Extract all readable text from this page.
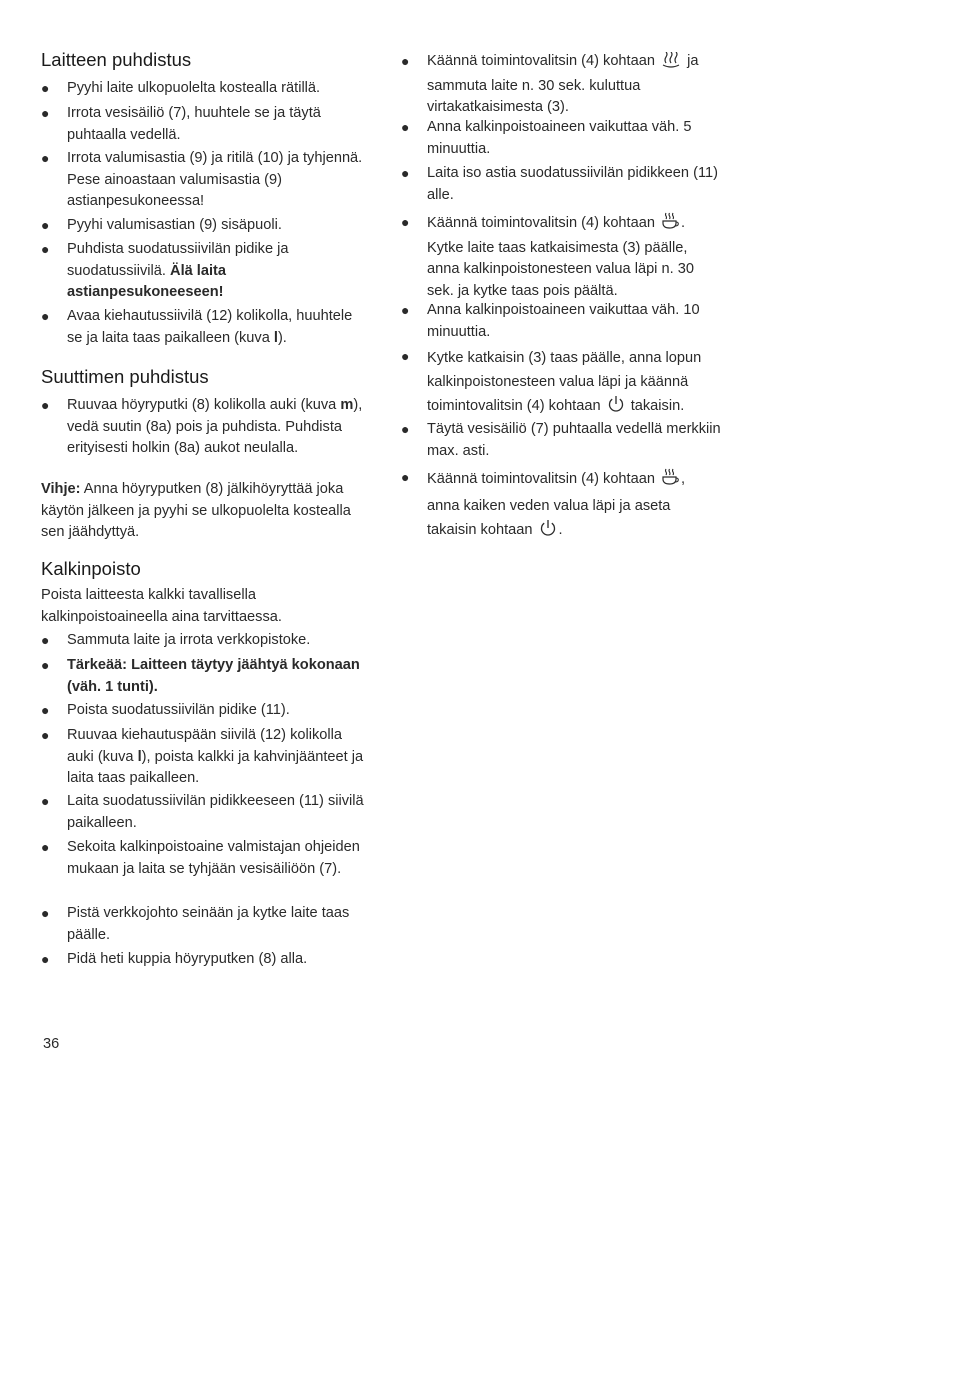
Laitteen puhdistus
● Pyyhi laite ulkopuolelta kostealla rätillä.
● Irrota vesisäiliö (7), huuhtele se ja täytä puhtaalla vedellä.
● Irrota valumisastia (9) ja ritilä (10) ja tyhjennä. Pese ainoastaan valumisastia (9) astianpesukoneessa!
● Pyyhi valumisastian (9) sisäpuoli.
● Puhdista suodatussiivilän pidike ja suodatussiivilä. Älä laita astianpesukoneeseen!
● Avaa kiehautussiivilä (12) kolikolla, huuhtele se ja laita taas paikalleen (kuva l).
Suuttimen puhdistus
● Ruuvaa höyryputki (8) kolikolla auki (kuva m), vedä suutin (8a) pois ja puhdista. Puhdista erityisesti holkin (8a) aukot neulalla.
Vihje: Anna höyryputken (8) jälkihöyryttää joka käytön jälkeen ja pyyhi se ulkopuolelta kostealla sen jäähdyttyä.
Kalkinpoisto
Poista laitteesta kalkki tavallisella kalkinpoistoaineella aina tarvittaessa.
● Sammuta laite ja irrota verkkopistoke.
● Tärkeää: Laitteen täytyy jäähtyä kokonaan (väh. 1 tunti).
● Poista suodatussiivilän pidike (11).
● Ruuvaa kiehautuspään siivilä (12) kolikolla auki (kuva l), poista kalkki ja kahvinjäänteet ja laita taas paikalleen.
● Laita suodatussiivilän pidikkeeseen (11) siivilä paikalleen.
● Sekoita kalkinpoistoaine valmistajan ohjeiden mukaan ja laita se tyhjään vesisäiliöön (7).
● Pistä verkkojohto seinään ja kytke laite taas päälle.
● Pidä heti kuppia höyryputken (8) alla.
● Käännä toimintovalitsin (4) kohtaan ja sammuta laite n. 30 sek. kuluttua virtakatkaisimesta (3).
● Anna kalkinpoistoaineen vaikuttaa väh. 5 minuuttia.
● Laita iso astia suodatussiivilän pidikkeen (11) alle.
● Käännä toimintovalitsin (4) kohtaan . Kytke laite taas katkaisimesta (3) päälle, anna kalkinpoistonesteen valua läpi n. 30 sek. ja kytke taas pois päältä.
● Anna kalkinpoistoaineen vaikuttaa väh. 10 minuuttia.
● Kytke katkaisin (3) taas päälle, anna lopun kalkinpoistonesteen valua läpi ja käännä toimintovalitsin (4) kohtaan takaisin.
● Täytä vesisäiliö (7) puhtaalla vedellä merkkiin max. asti.
● Käännä toimintovalitsin (4) kohtaan , anna kaiken veden valua läpi ja aseta takaisin kohtaan .
36
